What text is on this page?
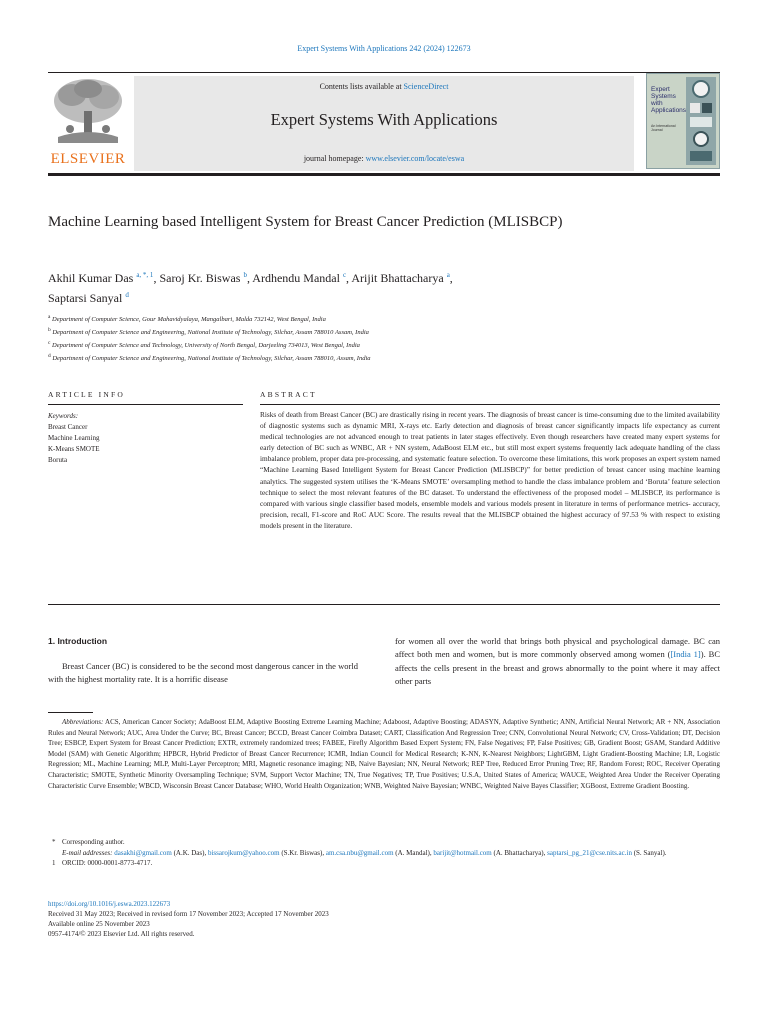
Expert Systems With Applications 242 (2024) 122673
ELSEVIER
Contents lists available at ScienceDirect
Expert Systems With Applications
journal homepage: www.elsevier.com/locate/eswa
Expert Systems with Applications
An International Journal
Machine Learning based Intelligent System for Breast Cancer Prediction (MLISBCP)
Akhil Kumar Das $^{a, *, 1}$, Saroj Kr. Biswas $^b$, Ardhendu Mandal $^c$, Arijit Bhattacharya $^a$,
Saptarsi Sanyal $^d$
$^a$ Department of Computer Science, Gour Mahavidyalaya, Mangalbari, Malda 732142, West Bengal, India
$^b$ Department of Computer Science and Engineering, National Institute of Technology, Silchar, Assam 788010 Assam, India
$^c$ Department of Computer Science and Technology, University of North Bengal, Darjeeling 734013, West Bengal, India
$^d$ Department of Computer Science and Engineering, National Institute of Technology, Silchar, Assam 788010, Assam, India
ARTICLE INFO	ABSTRACT
Keywords:
Breast Cancer
Machine Learning
K-Means SMOTE
Boruta
Risks of death from Breast Cancer (BC) are drastically rising in recent years. The diagnosis of breast cancer is time-consuming due to the limited availability of diagnostic systems such as dynamic MRI, X-rays etc. Early detection and diagnosis of breast cancer significantly impacts life expectancy as current medical technologies are not advanced enough to treat patients in later stages effectively. Even though researchers have created many expert systems for early detection of BC such as WNBC, AR + NN system, AdaBoost ELM etc., but still most expert systems frequently lack adequate handling of the class imbalance problem, proper data pre-processing, and systematic feature selection. To overcome these limitations, this work proposes an expert system named “Machine Learning Based Intelligent System for Breast Cancer Prediction (MLISBCP)” for better prediction of breast cancer using machine learning analytics. The suggested system utilises the ‘K-Means SMOTE’ oversampling method to handle the class imbalance problem and ‘Boruta’ feature selection technique to select the most relevant features of the BC dataset. To understand the effectiveness of the proposed model – MLISBCP, its performance is compared with various single classifier based models, ensemble models and various models present in literature in terms of performance metrics- accuracy, precision, recall, F1-score and RoC AUC Score. The results reveal that the MLISBCP obtained the highest accuracy of 97.53 % with respect to existing models present in the literature.
1. Introduction
Breast Cancer (BC) is considered to be the second most dangerous cancer in the world with the highest mortality rate. It is a horrific disease
for women all over the world that brings both physical and psychological damage. BC can affect both men and women, but is more commonly observed among women ([India 1]). BC affects the cells present in the breast and grows abnormally to the point where it may affect other parts
Abbreviations: ACS, American Cancer Society; AdaBoost ELM, Adaptive Boosting Extreme Learning Machine; Adaboost, Adaptive Boosting; ADASYN, Adaptive Synthetic; ANN, Artificial Neural Network; AR + NN, Association Rules and Neural Network; AUC, Area Under the Curve; BC, Breast Cancer; BCCD, Breast Cancer Coimbra Dataset; CART, Classification And Regression Tree; CNN, Convolutional Neural Network; CV, Cross-Validation; DT, Decision Tree; ESBCP, Expert System for Breast Cancer Prediction; EXTR, extremely randomized trees; FABEE, Firefly Algorithm Based Expert System; FN, False Negatives; FP, False Positives; GB, Gradient Boost; GSAM, Standard Additive Model (SAM) with Genetic Algorithm; HPBCR, Hybrid Predictor of Breast Cancer Recurrence; ICMR, Indian Council for Medical Research; K-NN, K-Nearest Neighbors; LightGBM, Light Gradient-Boosting Machine; LR, Logistic Regression; ML, Machine Learning; MLP, Multi-Layer Perceptron; MRI, Magnetic resonance imaging; NB, Naive Bayesian; NN, Neural Network; REP Tree, Reduced Error Pruning Tree; RF, Random Forest; ROC, Receiver Operating Characteristic; SMOTE, Synthetic Minority Oversampling Technique; SVM, Support Vector Machine; TN, True Negatives; TP, True Positives; U.S.A, United States of America; WAUCE, Weighted Area Under the Receiver Operating Characteristic Curve Ensemble; WBCD, Wisconsin Breast Cancer Database; WHO, World Health Organization; WNB, Weighted Naive Bayesian; WNBC, Weighted Naive Bayes Classifier; XGBoost, Extreme Gradient Boosting.
* Corresponding author.
E-mail addresses: dasakhi@gmail.com (A.K. Das), bissarojkum@yahoo.com (S.Kr. Biswas), am.csa.nbu@gmail.com (A. Mandal), barijit@hotmail.com (A. Bhattacharya), saptarsi_pg_21@cse.nits.ac.in (S. Sanyal).
1 ORCID: 0000-0001-8773-4717.
https://doi.org/10.1016/j.eswa.2023.122673
Received 31 May 2023; Received in revised form 17 November 2023; Accepted 17 November 2023
Available online 25 November 2023
0957-4174/© 2023 Elsevier Ltd. All rights reserved.
